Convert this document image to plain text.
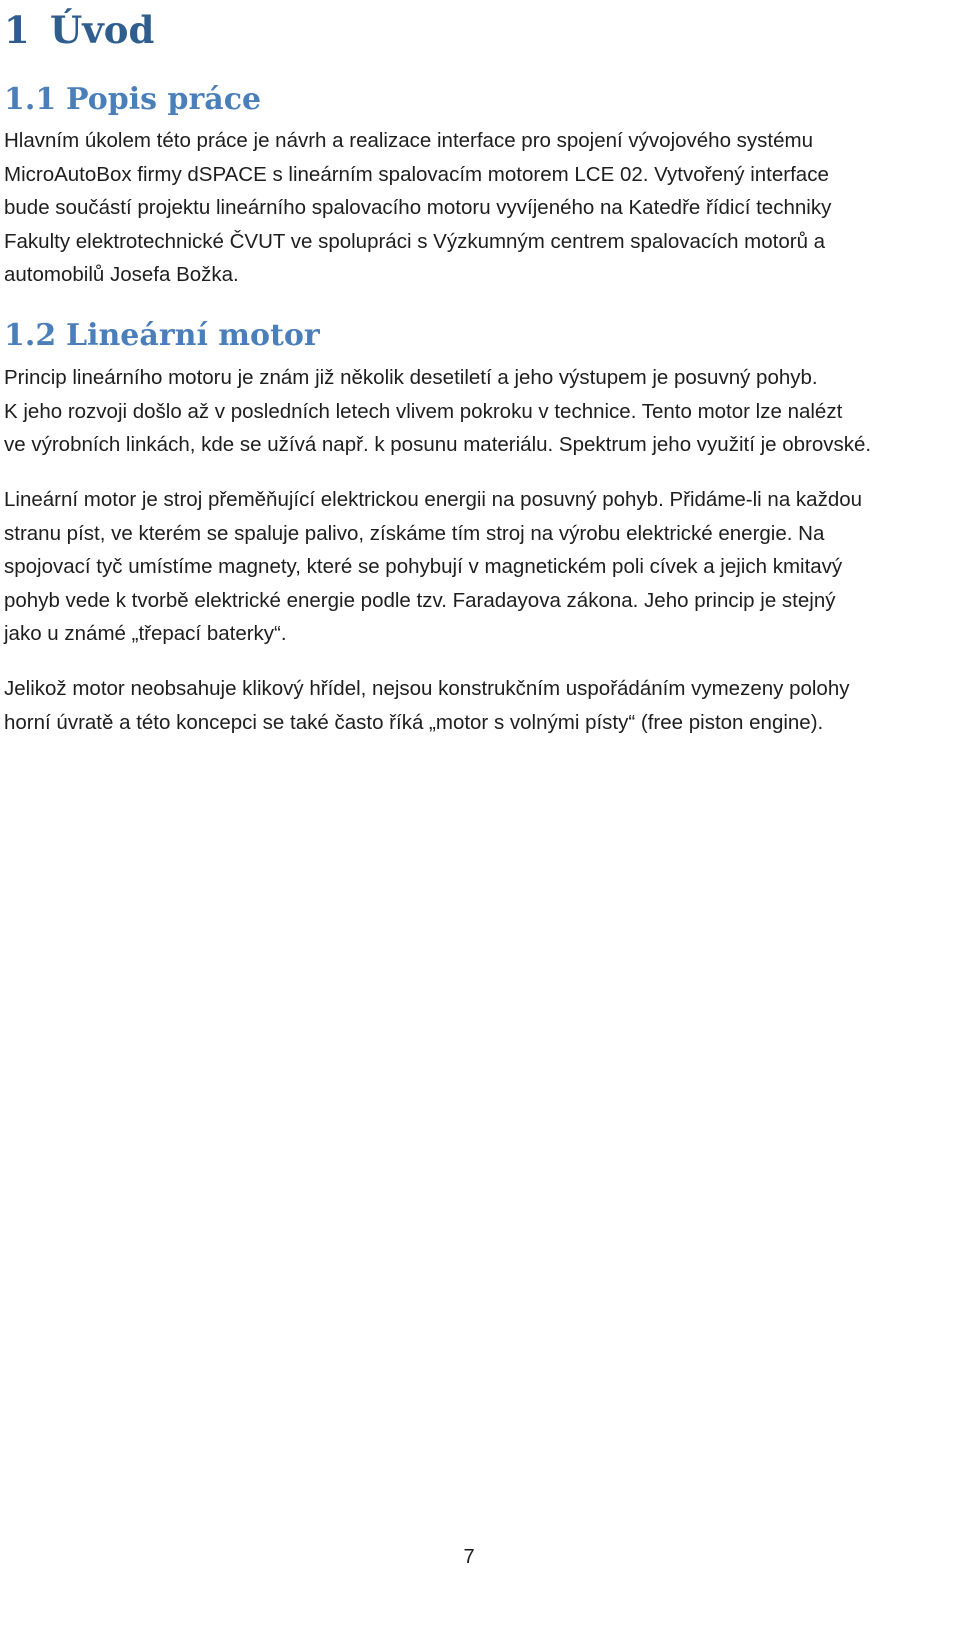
1 Úvod
1.1 Popis práce

Hlavním úkolem této práce je návrh a realizace interface pro spojení vývojového systému
MicroAutoBox firmy dSPACE s lineárním spalovacím motorem LCE 02. Vytvořený interface
bude součástí projektu lineárního spalovacího motoru vyvíjeného na Katedře řídicí techniky
Fakulty elektrotechnické ČVUT ve spolupráci s Výzkumným centrem spalovacích motorů a
automobilů Josefa Božka.

1.2 Lineární motor

Princip lineárního motoru je znám již několik desetiletí a jeho výstupem je posuvný pohyb.
K jeho rozvoji došlo až v posledních letech vlivem pokroku v technice. Tento motor lze nalézt
ve výrobních linkách, kde se užívá např. k posunu materiálu. Spektrum jeho využití je obrovské.

Lineární motor je stroj přeměňující elektrickou energii na posuvný pohyb. Přidáme-li na každou
stranu píst, ve kterém se spaluje palivo, získáme tím stroj na výrobu elektrické energie. Na
spojovací tyč umístíme magnety, které se pohybují v magnetickém poli cívek a jejich kmitavý
pohyb vede k tvorbě elektrické energie podle tzv. Faradayova zákona. Jeho princip je stejný
jako u známé „třepací baterky“.

Jelikož motor neobsahuje klikový hřídel, nejsou konstrukčním uspořádáním vymezeny polohy
horní úvratě a této koncepci se také často říká „motor s volnými písty“ (free piston engine).

7
